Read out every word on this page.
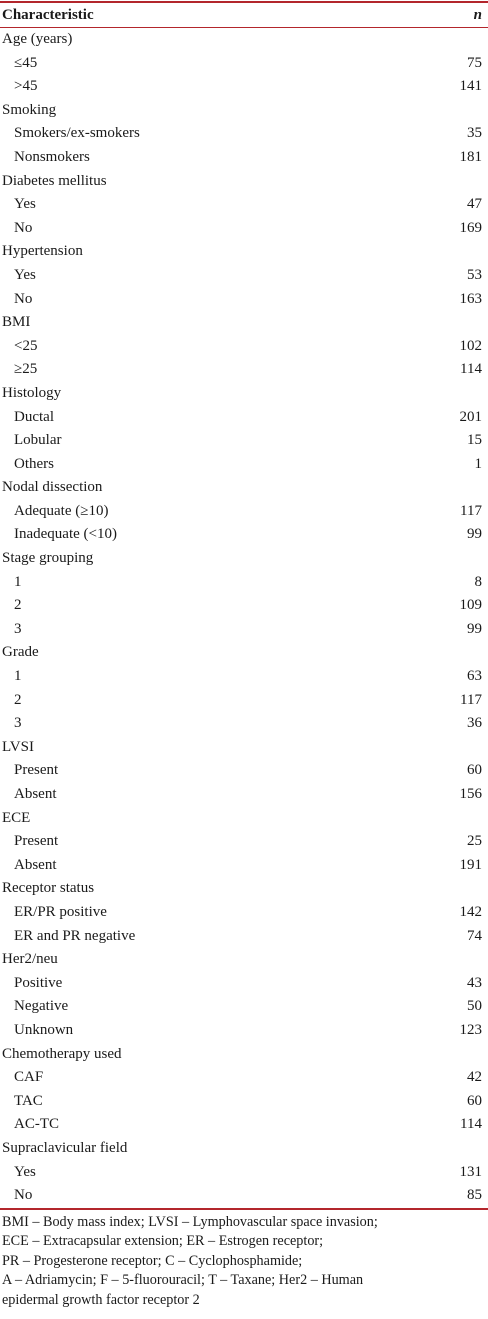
Characteristic	n
Age (years)
≤45	75
>45	141
Smoking
Smokers/ex-smokers	35
Nonsmokers	181
Diabetes mellitus
Yes	47
No	169
Hypertension
Yes	53
No	163
BMI
<25	102
≥25	114
Histology
Ductal	201
Lobular	15
Others	1
Nodal dissection
Adequate (≥10)	117
Inadequate (<10)	99
Stage grouping
1	8
2	109
3	99
Grade
1	63
2	117
3	36
LVSI
Present	60
Absent	156
ECE
Present	25
Absent	191
Receptor status
ER/PR positive	142
ER and PR negative	74
Her2/neu
Positive	43
Negative	50
Unknown	123
Chemotherapy used
CAF	42
TAC	60
AC-TC	114
Supraclavicular field
Yes	131
No	85
BMI – Body mass index; LVSI – Lymphovascular space invasion;
ECE – Extracapsular extension; ER – Estrogen receptor;
PR – Progesterone receptor; C – Cyclophosphamide;
A – Adriamycin; F – 5-fluorouracil; T – Taxane; Her2 – Human
epidermal growth factor receptor 2
